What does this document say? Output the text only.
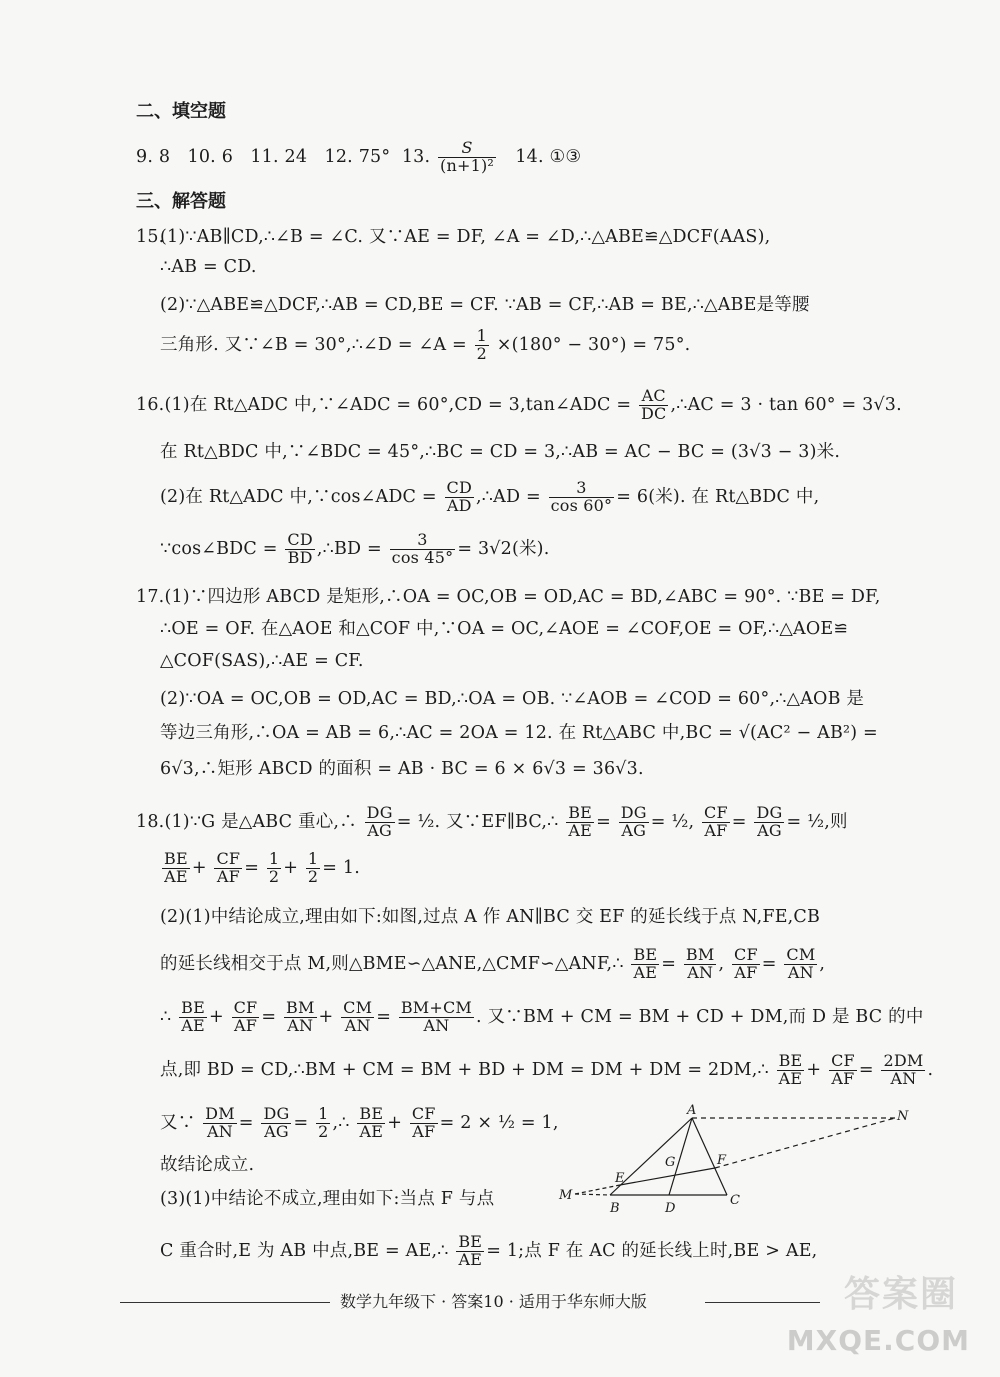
二、填空题
9. 8 10. 6 11. 24 12. 75° 13. $\frac{S}{\text{(n+1)²}} 14$. ①③
三、解答题
15.
(1)∵AB∥CD,∴∠B = ∠C. 又∵AE = DF, ∠A = ∠D,∴△ABE≌△DCF(AAS),
∴AB = CD.
(2)∵△ABE≌△DCF,∴AB = CD,BE = CF. ∵AB = CF,∴AB = BE,∴△ABE是等腰
三角形. 又∵∠B = 30°,∴∠D = ∠A = $\frac{1}{2} \times(180^\circ - 30^\circ) = 75^\circ$.
16.(1)在 Rt△ADC 中,∵∠ADC = 60°,CD = 3,tan∠ADC = $\frac{AC}{DC}$ ,∴AC = 3 · tan 60° = 3√3.
在 Rt△BDC 中,∵∠BDC = 45°,∴BC = CD = 3,∴AB = AC − BC = (3√3 − 3)米.
(2)在 Rt△ADC 中,∵cos∠ADC = $\frac{CD}{AD}$ ,∴AD = $\frac{3}{\cos 60^\circ} = 6$(米). 在 Rt△BDC 中,
∵cos∠BDC = $\frac{CD}{BD}$ ,∴BD = $\frac{3}{\cos 45^\circ} = 3√2$(米).
17.(1)∵四边形 ABCD 是矩形,∴OA = OC,OB = OD,AC = BD,∠ABC = 90°. ∵BE = DF,
∴OE = OF. 在△AOE 和△COF 中,∵OA = OC,∠AOE = ∠COF,OE = OF,∴△AOE≌
△COF(SAS),∴AE = CF.
(2)∵OA = OC,OB = OD,AC = BD,∴OA = OB. ∵∠AOB = ∠COD = 60°,∴△AOB 是
等边三角形,∴OA = AB = 6,∴AC = 2OA = 12. 在 Rt△ABC 中,BC = √(AC² − AB²) =
6√3,∴矩形 ABCD 的面积 = AB · BC = 6 × 6√3 = 36√3.
18.(1)∵G 是△ABC 重心,∴ $\frac{DG}{AG}$ = ½. 又∵EF∥BC,∴ $\frac{BE}{AE} = \frac{DG}{AG}$ = ½, $\frac{CF}{AF} = \frac{DG}{AG}$ = ½,则
$\frac{BE}{AE} + \frac{CF}{AF} = \frac{1}{2} + \frac{1}{2} = 1$.
(2)(1)中结论成立,理由如下:如图,过点 A 作 AN∥BC 交 EF 的延长线于点 N,FE,CB
的延长线相交于点 M,则△BME∽△ANE,△CMF∽△ANF,∴ $\frac{BE}{AE} = \frac{BM}{AN}$ , $\frac{CF}{AF} = \frac{CM}{AN}$ ,
∴ $\frac{BE}{AE} + \frac{CF}{AF} = \frac{BM}{AN} + \frac{CM}{AN} = \frac{BM+CM}{AN}$ . 又∵BM + CM = BM + CD + DM,而 D 是 BC 的中
点,即 BD = CD,∴BM + CM = BM + BD + DM = DM + DM = 2DM,∴ $\frac{BE}{AE} + \frac{CF}{AF} = \frac{2DM}{AN}$ .
又∵ $\frac{DM}{AN} = \frac{DG}{AG} = \frac{1}{2}$ ,∴ $\frac{BE}{AE} + \frac{CF}{AF} = 2$ × ½ = 1,
故结论成立.
(3)(1)中结论不成立,理由如下:当点 F 与点
C 重合时,E 为 AB 中点,BE = AE,∴ $\frac{BE}{AE} = 1$;点 F 在 AC 的延长线上时,BE > AE,
A	N
G	F
E
M
B	D
C
数学九年级下 · 答案10 · 适用于华东师大版	答案圈
MXQE.COM
